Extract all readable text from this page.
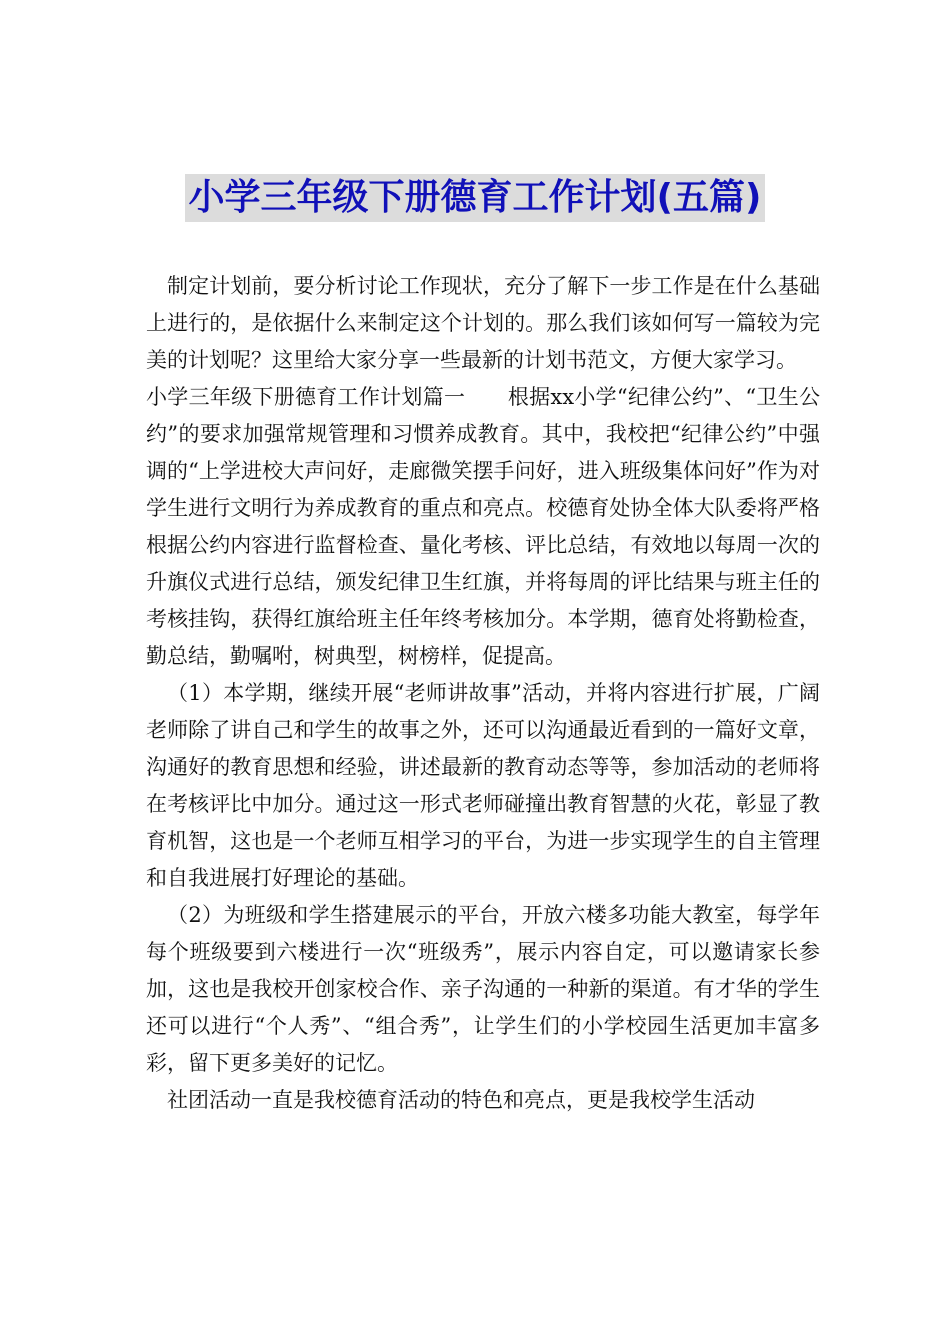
小学三年级下册德育工作计划(五篇)

制定计划前，要分析讨论工作现状，充分了解下一步工作是在什么基础上进行的，是依据什么来制定这个计划的。那么我们该如何写一篇较为完美的计划呢？这里给大家分享一些最新的计划书范文，方便大家学习。

小学三年级下册德育工作计划篇一　　根据xx小学“纪律公约”、“卫生公约”的要求加强常规管理和习惯养成教育。其中，我校把“纪律公约”中强调的“上学进校大声问好，走廊微笑摆手问好，进入班级集体问好”作为对学生进行文明行为养成教育的重点和亮点。校德育处协全体大队委将严格根据公约内容进行监督检查、量化考核、评比总结，有效地以每周一次的升旗仪式进行总结，颁发纪律卫生红旗，并将每周的评比结果与班主任的考核挂钩，获得红旗给班主任年终考核加分。本学期，德育处将勤检查，勤总结，勤嘱咐，树典型，树榜样，促提高。

（1）本学期，继续开展“老师讲故事”活动，并将内容进行扩展，广阔老师除了讲自己和学生的故事之外，还可以沟通最近看到的一篇好文章，沟通好的教育思想和经验，讲述最新的教育动态等等，参加活动的老师将在考核评比中加分。通过这一形式老师碰撞出教育智慧的火花，彰显了教育机智，这也是一个老师互相学习的平台，为进一步实现学生的自主管理和自我进展打好理论的基础。

（2）为班级和学生搭建展示的平台，开放六楼多功能大教室，每学年每个班级要到六楼进行一次“班级秀”，展示内容自定，可以邀请家长参加，这也是我校开创家校合作、亲子沟通的一种新的渠道。有才华的学生还可以进行“个人秀”、“组合秀”，让学生们的小学校园生活更加丰富多彩，留下更多美好的记忆。

社团活动一直是我校德育活动的特色和亮点，更是我校学生活动
